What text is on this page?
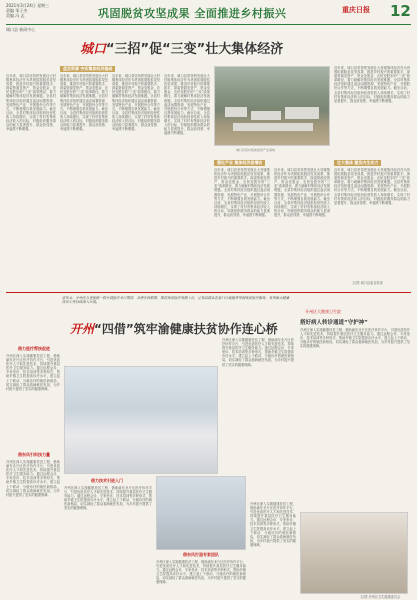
2021年3月24日 星期三
责编 邹子杰
美编 冯 志	巩固脱贫攻坚成果 全面推进乡村振兴	重庆日报 12
城口县 新闻中心
城口“三招”促“三变”壮大集体经济
盘活资源 夯实集体经济基础
近年来，城口县坚持把发展壮大村级集体经济作为巩固拓展脱贫攻坚成果、推进乡村振兴的重要抓手，探索资源变资产、资金变股金、农民变股东的“三变”改革路径，着力破解村集体经济发展难题。全县村集体经济组织通过盘活闲置资源、发展特色产业、开展股份合作等方式，不断增强自我发展能力。截至目前，全县村集体经济组织经营性收入持续增长，实现了村村有集体经济收入的目标，村级组织服务群众的能力显著提升，群众获得感、幸福感不断增强。
近年来，城口县坚持把发展壮大村级集体经济作为巩固拓展脱贫攻坚成果、推进乡村振兴的重要抓手，探索资源变资产、资金变股金、农民变股东的“三变”改革路径，着力破解村集体经济发展难题。全县村集体经济组织通过盘活闲置资源、发展特色产业、开展股份合作等方式，不断增强自我发展能力。截至目前，全县村集体经济组织经营性收入持续增长，实现了村村有集体经济收入的目标，村级组织服务群众的能力显著提升，群众获得感、幸福感不断增强。
近年来，城口县坚持把发展壮大村级集体经济作为巩固拓展脱贫攻坚成果、推进乡村振兴的重要抓手，探索资源变资产、资金变股金、农民变股东的“三变”改革路径，着力破解村集体经济发展难题。全县村集体经济组织通过盘活闲置资源、发展特色产业、开展股份合作等方式，不断增强自我发展能力。截至目前，全县村集体经济组织经营性收入持续增长，实现了村村有集体经济收入的目标，村级组织服务群众的能力显著提升，群众获得感、幸福感不断增强。
近年来，城口县坚持把发展壮大村级集体经济作为巩固拓展脱贫攻坚成果、推进乡村振兴的重要抓手，探索资源变资产、资金变股金、农民变股东的“三变”改革路径，着力破解村集体经济发展难题。全县村集体经济组织通过盘活闲置资源、发展特色产业、开展股份合作等方式，不断增强自我发展能力。截至目前，全县村集体经济组织经营性收入持续增长，实现了村村有集体经济收入的目标，村级组织服务群众的能力显著提升，群众获得感、幸福感不断增强。
城口县某村集体经济产业基地
强化产业 集体经济促增收
近年来，城口县坚持把发展壮大村级集体经济作为巩固拓展脱贫攻坚成果、推进乡村振兴的重要抓手，探索资源变资产、资金变股金、农民变股东的“三变”改革路径，着力破解村集体经济发展难题。全县村集体经济组织通过盘活闲置资源、发展特色产业、开展股份合作等方式，不断增强自我发展能力。截至目前，全县村集体经济组织经营性收入持续增长，实现了村村有集体经济收入的目标，村级组织服务群众的能力显著提升，群众获得感、幸福感不断增强。
近年来，城口县坚持把发展壮大村级集体经济作为巩固拓展脱贫攻坚成果、推进乡村振兴的重要抓手，探索资源变资产、资金变股金、农民变股东的“三变”改革路径，着力破解村集体经济发展难题。全县村集体经济组织通过盘活闲置资源、发展特色产业、开展股份合作等方式，不断增强自我发展能力。截至目前，全县村集体经济组织经营性收入持续增长，实现了村村有集体经济收入的目标，村级组织服务群众的能力显著提升，群众获得感、幸福感不断增强。
壮大集体 激发内生动力
近年来，城口县坚持把发展壮大村级集体经济作为巩固拓展脱贫攻坚成果、推进乡村振兴的重要抓手，探索资源变资产、资金变股金、农民变股东的“三变”改革路径，着力破解村集体经济发展难题。全县村集体经济组织通过盘活闲置资源、发展特色产业、开展股份合作等方式，不断增强自我发展能力。截至目前，全县村集体经济组织经营性收入持续增长，实现了村村有集体经济收入的目标，村级组织服务群众的能力显著提升，群众获得感、幸福感不断增强。
近年来，城口县坚持把发展壮大村级集体经济作为巩固拓展脱贫攻坚成果、推进乡村振兴的重要抓手，探索资源变资产、资金变股金、农民变股东的“三变”改革路径，着力破解村集体经济发展难题。全县村集体经济组织通过盘活闲置资源、发展特色产业、开展股份合作等方式，不断增强自我发展能力。截至目前，全县村集体经济组织经营性收入持续增长，实现了村村有集体经济收入的目标，村级组织服务群众的能力显著提升，群众获得感、幸福感不断增强。
文/图 城口县委宣传部
近年来，开州区与重医附一院开展医疗对口帮扶，共建专科联盟，推进优质医疗资源下沉，让基层群众在家门口就能享受到优质医疗服务，有效助力健康扶贫工作持续深入开展。
开州“四借”筑牢渝健康扶贫协作连心桥
开州区大健康卫生院
搭好病人转诊通道“守护神”
借力医疗帮扶促进
开州区深入实施健康扶贫工程，借助渝东北片区医疗协作平台，引进优质医疗人才和先进技术，持续提升基层医疗卫生服务能力。通过远程会诊、专家坐诊、技术培训等多种形式，帮助乡镇卫生院提高诊疗水平，建立起上下联动、分级诊疗的就医新格局，切实减轻了群众看病就医负担，为乡村振兴提供了坚实的健康保障。
借东风引科技力量
开州区深入实施健康扶贫工程，借助渝东北片区医疗协作平台，引进优质医疗人才和先进技术，持续提升基层医疗卫生服务能力。通过远程会诊、专家坐诊、技术培训等多种形式，帮助乡镇卫生院提高诊疗水平，建立起上下联动、分级诊疗的就医新格局，切实减轻了群众看病就医负担，为乡村振兴提供了坚实的健康保障。
开州区深入实施健康扶贫工程，借助渝东北片区医疗协作平台，引进优质医疗人才和先进技术，持续提升基层医疗卫生服务能力。通过远程会诊、专家坐诊、技术培训等多种形式，帮助乡镇卫生院提高诊疗水平，建立起上下联动、分级诊疗的就医新格局，切实减轻了群众看病就医负担，为乡村振兴提供了坚实的健康保障。
借力技术引进入门
开州区深入实施健康扶贫工程，借助渝东北片区医疗协作平台，引进优质医疗人才和先进技术，持续提升基层医疗卫生服务能力。通过远程会诊、专家坐诊、技术培训等多种形式，帮助乡镇卫生院提高诊疗水平，建立起上下联动、分级诊疗的就医新格局，切实减轻了群众看病就医负担，为乡村振兴提供了坚实的健康保障。
借东风打造专家团队
开州区深入实施健康扶贫工程，借助渝东北片区医疗协作平台，引进优质医疗人才和先进技术，持续提升基层医疗卫生服务能力。通过远程会诊、专家坐诊、技术培训等多种形式，帮助乡镇卫生院提高诊疗水平，建立起上下联动、分级诊疗的就医新格局，切实减轻了群众看病就医负担，为乡村振兴提供了坚实的健康保障。
开州区深入实施健康扶贫工程，借助渝东北片区医疗协作平台，引进优质医疗人才和先进技术，持续提升基层医疗卫生服务能力。通过远程会诊、专家坐诊、技术培训等多种形式，帮助乡镇卫生院提高诊疗水平，建立起上下联动、分级诊疗的就医新格局，切实减轻了群众看病就医负担，为乡村振兴提供了坚实的健康保障。
开州区深入实施健康扶贫工程，借助渝东北片区医疗协作平台，引进优质医疗人才和先进技术，持续提升基层医疗卫生服务能力。通过远程会诊、专家坐诊、技术培训等多种形式，帮助乡镇卫生院提高诊疗水平，建立起上下联动、分级诊疗的就医新格局，切实减轻了群众看病就医负担，为乡村振兴提供了坚实的健康保障。
文/图 开州区卫生健康委员会
